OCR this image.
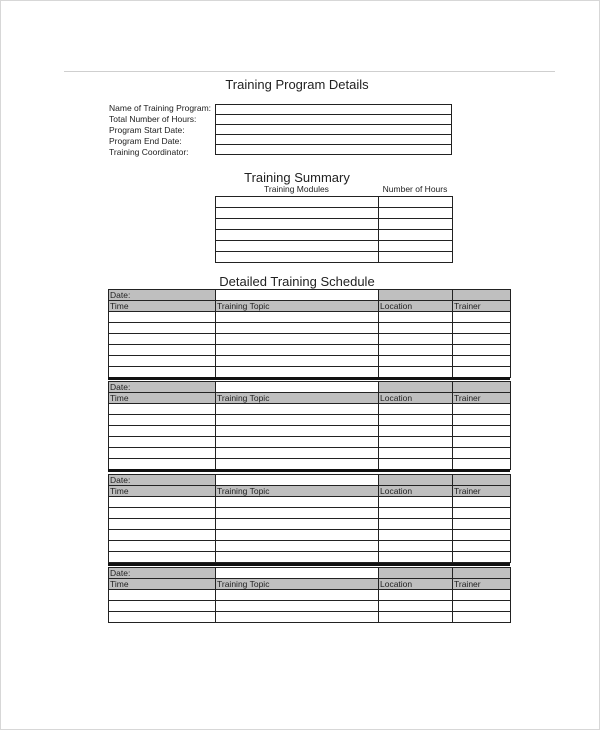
Training Program Details
Name of Training Program:
Total Number of Hours:
Program Start Date:
Program End Date:
Training Coordinator:

Training Summary
Training Modules	Number of Hours

Detailed Training Schedule
Date:			
Time	Training Topic	Location	Trainer

Date:			
Time	Training Topic	Location	Trainer

Date:			
Time	Training Topic	Location	Trainer

Date:			
Time	Training Topic	Location	Trainer
